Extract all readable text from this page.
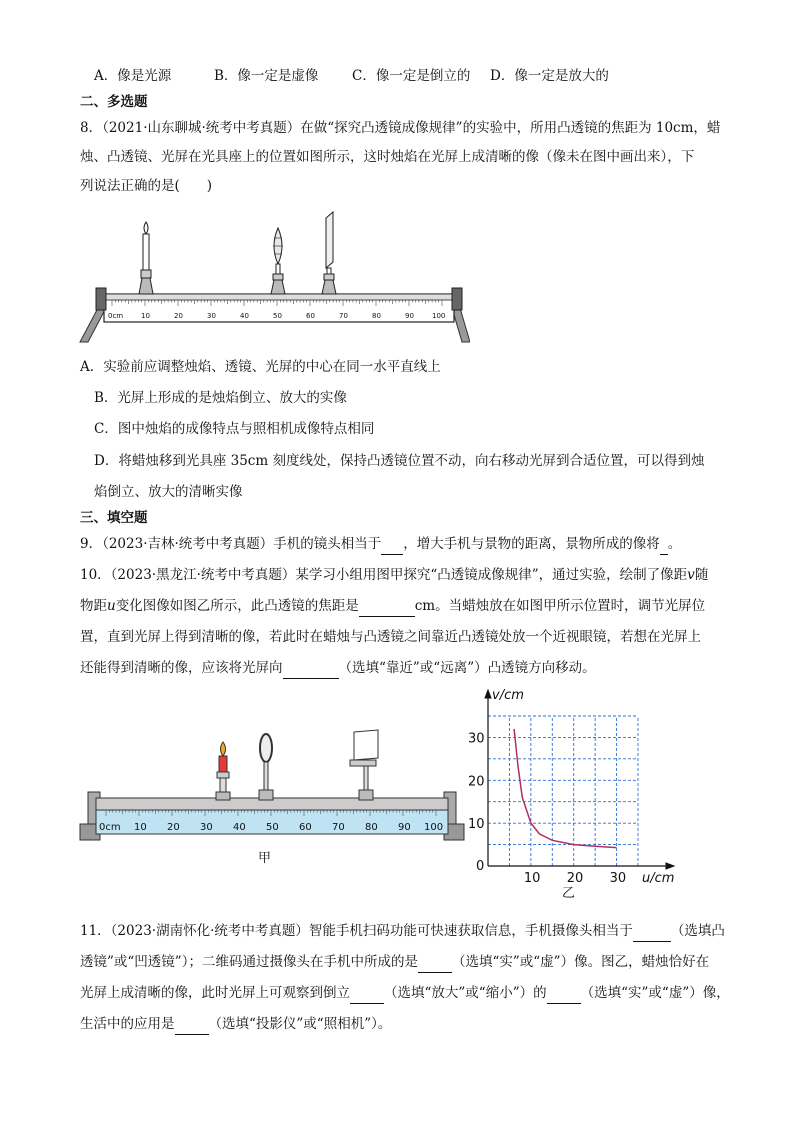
A．像是光源	B．像一定是虚像 C．像一定是倒立的 D．像一定是放大的
二、多选题
8．（2021·山东聊城·统考中考真题）在做“探究凸透镜成像规律”的实验中，所用凸透镜的焦距为 10cm，蜡
烛、凸透镜、光屏在光具座上的位置如图所示，这时烛焰在光屏上成清晰的像（像未在图中画出来），下
列说法正确的是(　　)
0cm	10	20	30	40	50	60	70	80	90	100
A．实验前应调整烛焰、透镜、光屏的中心在同一水平直线上
B．光屏上形成的是烛焰倒立、放大的实像
C．图中烛焰的成像特点与照相机成像特点相同
D．将蜡烛移到光具座 35cm 刻度线处，保持凸透镜位置不动，向右移动光屏到合适位置，可以得到烛
焰倒立、放大的清晰实像
三、填空题
9．（2023·吉林·统考中考真题）手机的镜头相当于 ，增大手机与景物的距离，景物所成的像将 。
10．（2023·黑龙江·统考中考真题）某学习小组用图甲探究“凸透镜成像规律”，通过实验，绘制了像距v随
物距u变化图像如图乙所示，此凸透镜的焦距是	cm。当蜡烛放在如图甲所示位置时，调节光屏位
置，直到光屏上得到清晰的像，若此时在蜡烛与凸透镜之间靠近凸透镜处放一个近视眼镜，若想在光屏上
还能得到清晰的像，应该将光屏向	（选填“靠近”或“远离”）凸透镜方向移动。
0cm 10 20 30 40 50 60 70 80 90 100
甲
10 20 30
10
20
30
v/cm
u/cm
0
乙
11．（2023·湖南怀化·统考中考真题）智能手机扫码功能可快速获取信息，手机摄像头相当于	（选填凸
透镜”或“凹透镜”）；二维码通过摄像头在手机中所成的是	（选填“实”或“虚”）像。图乙，蜡烛恰好在
光屏上成清晰的像，此时光屏上可观察到倒立	（选填“放大”或“缩小”）的	（选填“实”或“虚”）像，
生活中的应用是	（选填“投影仪”或“照相机”）。
